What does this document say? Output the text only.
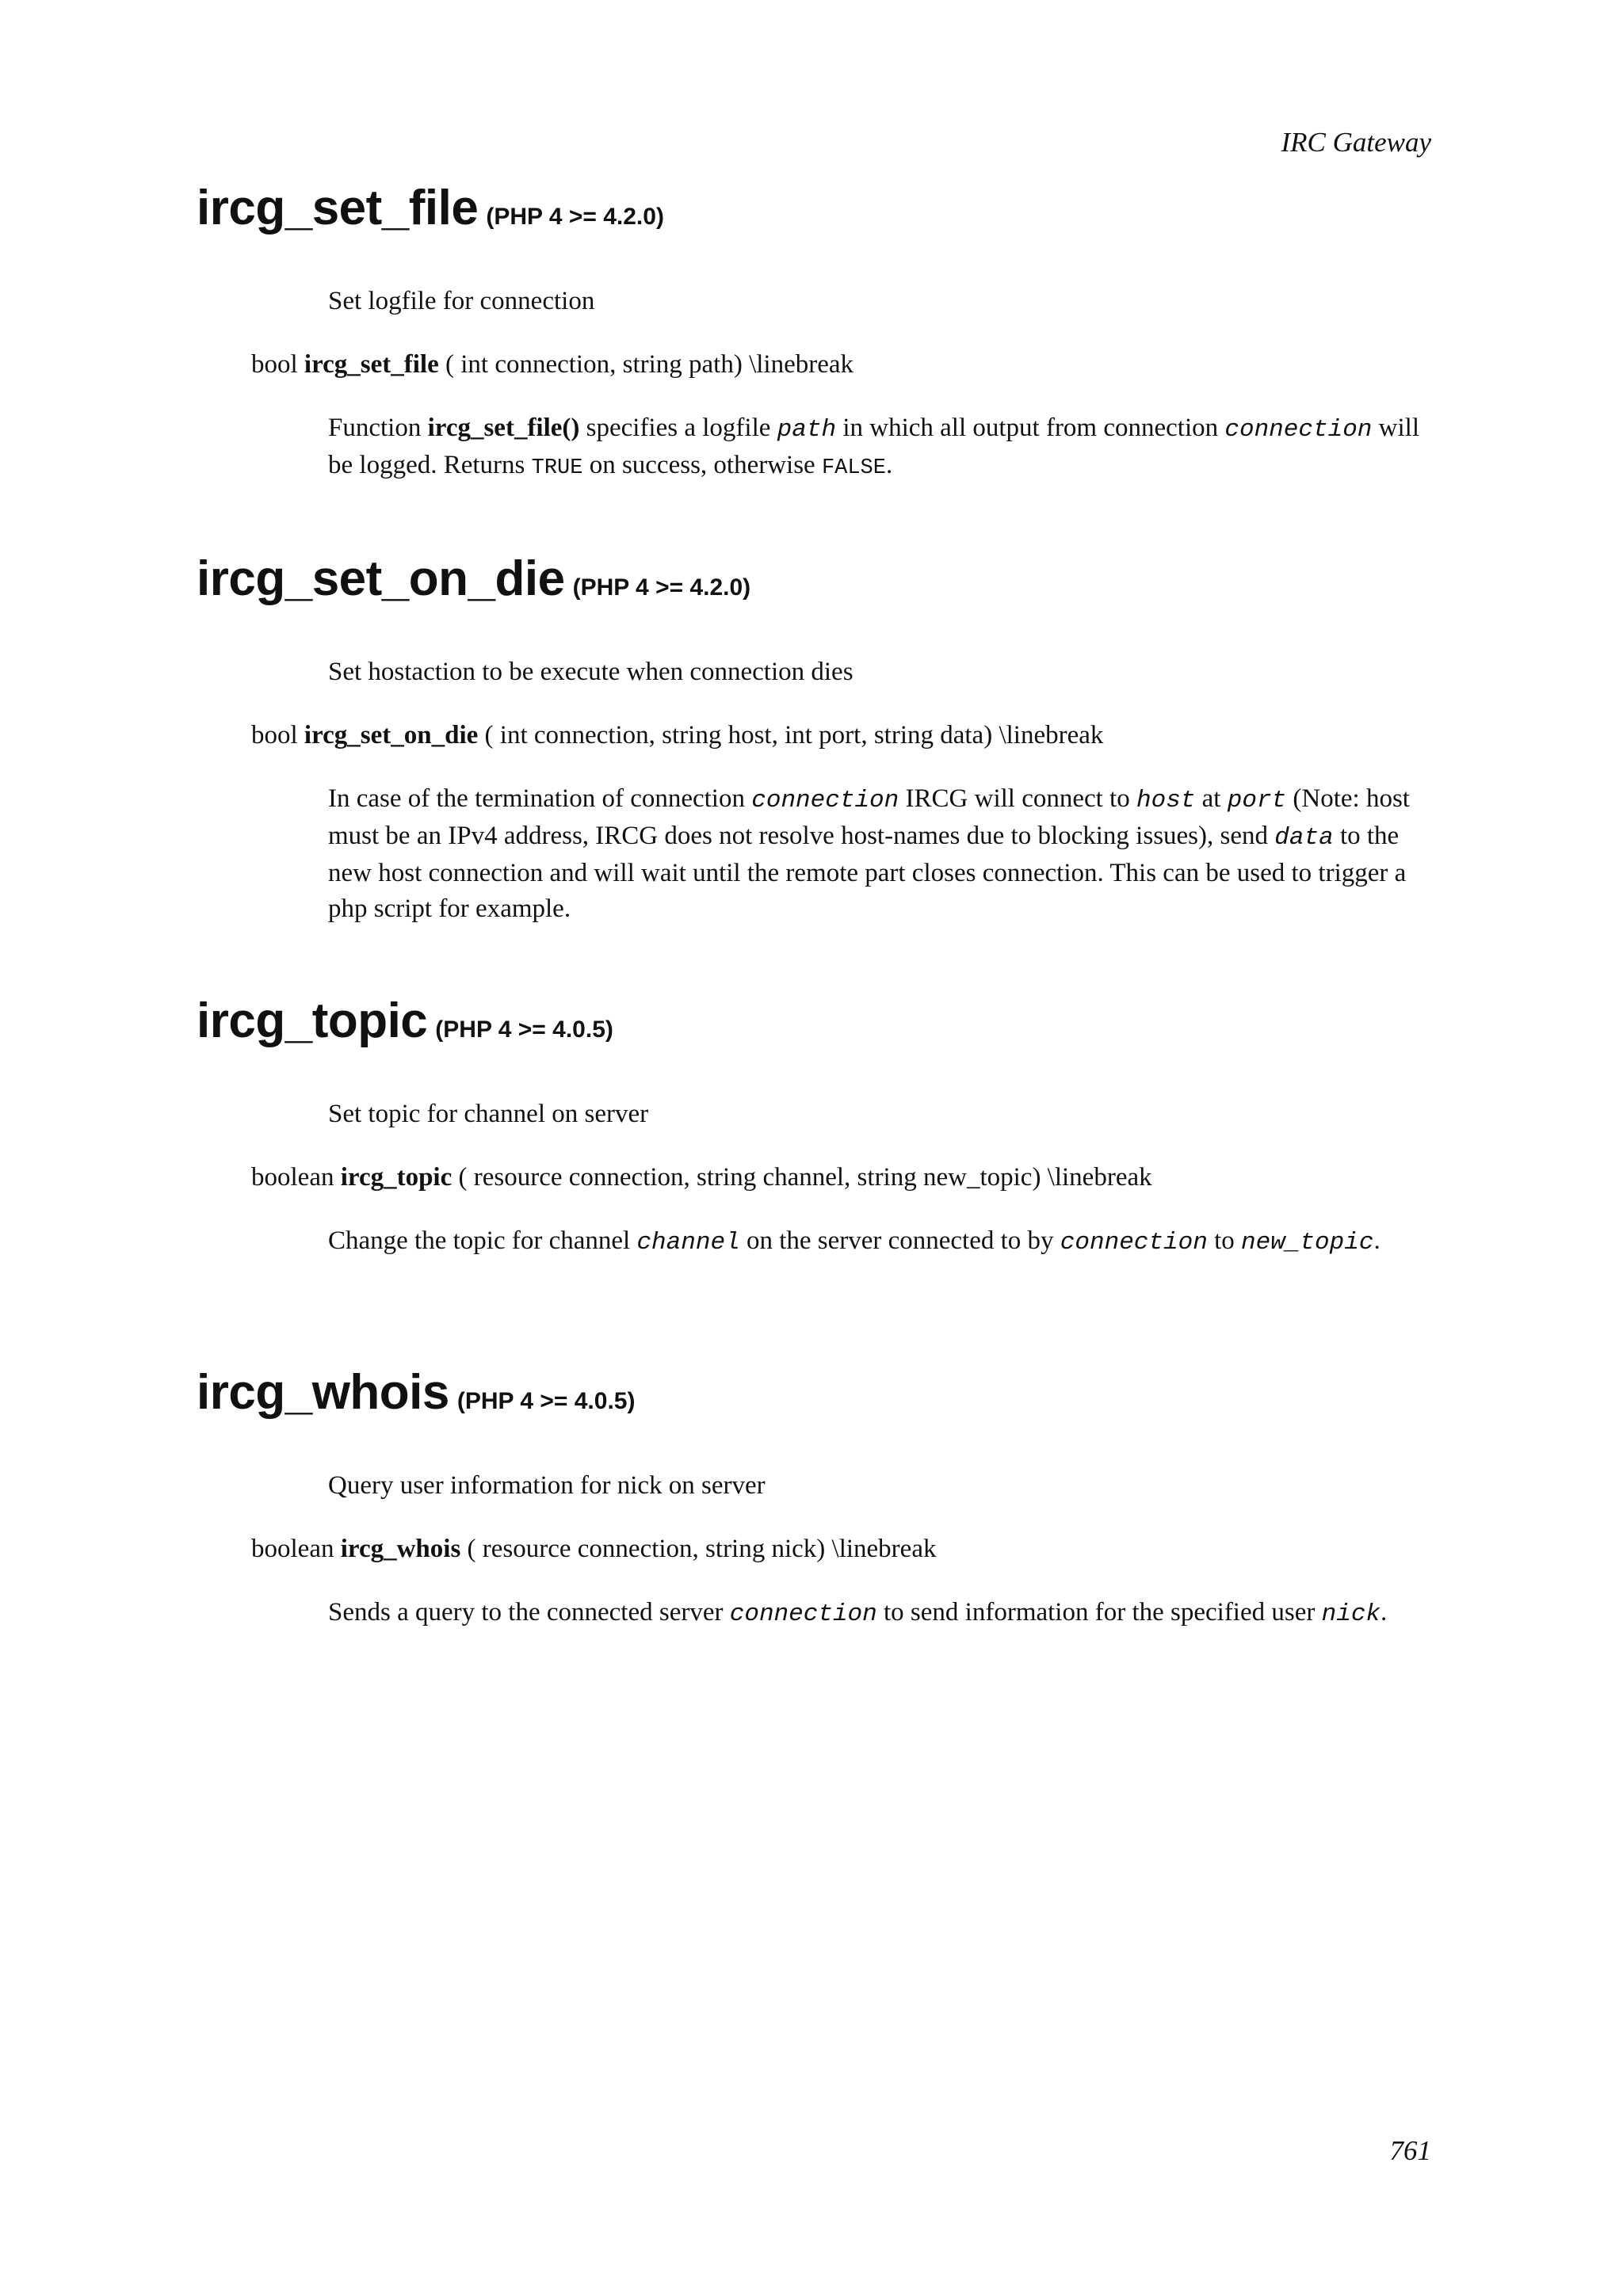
IRC Gateway
ircg_set_file (PHP 4 >= 4.2.0)

Set logfile for connection

bool ircg_set_file ( int connection, string path) \linebreak

Function ircg_set_file() specifies a logfile path in which all output from connection connection will be logged. Returns TRUE on success, otherwise FALSE.

ircg_set_on_die (PHP 4 >= 4.2.0)

Set hostaction to be execute when connection dies

bool ircg_set_on_die ( int connection, string host, int port, string data) \linebreak

In case of the termination of connection connection IRCG will connect to host at port (Note: host must be an IPv4 address, IRCG does not resolve host-names due to blocking issues), send data to the new host connection and will wait until the remote part closes connection. This can be used to trigger a php script for example.

ircg_topic (PHP 4 >= 4.0.5)

Set topic for channel on server

boolean ircg_topic ( resource connection, string channel, string new_topic) \linebreak

Change the topic for channel channel on the server connected to by connection to new_topic.

ircg_whois (PHP 4 >= 4.0.5)

Query user information for nick on server

boolean ircg_whois ( resource connection, string nick) \linebreak

Sends a query to the connected server connection to send information for the specified user nick.

761
